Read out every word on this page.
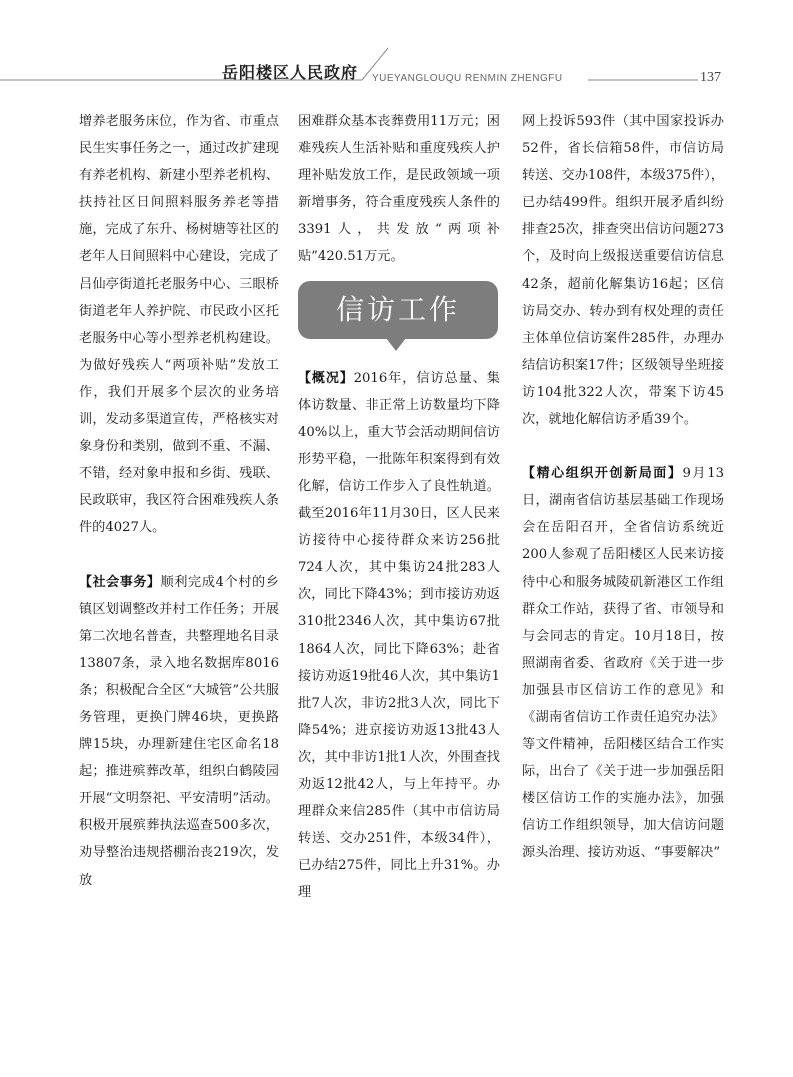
岳阳楼区人民政府 YUEYANGLOUQU RENMIN ZHENGFU	137

增养老服务床位，作为省、市重点民生实事任务之一，通过改扩建现有养老机构、新建小型养老机构、扶持社区日间照料服务养老等措施，完成了东升、杨树塘等社区的老年人日间照料中心建设，完成了吕仙亭街道托老服务中心、三眼桥街道老年人养护院、市民政小区托老服务中心等小型养老机构建设。为做好残疾人“两项补贴”发放工作，我们开展多个层次的业务培训，发动多渠道宣传，严格核实对象身份和类别，做到不重、不漏、不错，经对象申报和乡街、残联、民政联审，我区符合困难残疾人条件的4027人。

【社会事务】顺利完成4个村的乡镇区划调整改并村工作任务；开展第二次地名普查，共整理地名目录13807条，录入地名数据库8016条；积极配合全区“大城管”公共服务管理，更换门牌46块，更换路牌15块，办理新建住宅区命名18起；推进殡葬改革，组织白鹤陵园开展“文明祭祀、平安清明”活动。积极开展殡葬执法巡查500多次，劝导整治违规搭棚治丧219次，发放

困难群众基本丧葬费用11万元；困难残疾人生活补贴和重度残疾人护理补贴发放工作，是民政领域一项新增事务，符合重度残疾人条件的3391人，共发放“两项补贴”420.51万元。

信访工作

【概况】2016年，信访总量、集体访数量、非正常上访数量均下降40%以上，重大节会活动期间信访形势平稳，一批陈年积案得到有效化解，信访工作步入了良性轨道。截至2016年11月30日，区人民来访接待中心接待群众来访256批724人次，其中集访24批283人次，同比下降43%；到市接访劝返310批2346人次，其中集访67批1864人次，同比下降63%；赴省接访劝返19批46人次，其中集访1批7人次，非访2批3人次，同比下降54%；进京接访劝返13批43人次，其中非访1批1人次，外围查找劝返12批42人，与上年持平。办理群众来信285件（其中市信访局转送、交办251件，本级34件），已办结275件，同比上升31%。办理

网上投诉593件（其中国家投诉办52件，省长信箱58件，市信访局转送、交办108件，本级375件），已办结499件。组织开展矛盾纠纷排查25次，排查突出信访问题273个，及时向上级报送重要信访信息42条，超前化解集访16起；区信访局交办、转办到有权处理的责任主体单位信访案件285件，办理办结信访积案17件；区级领导坐班接访104批322人次，带案下访45次，就地化解信访矛盾39个。

【精心组织开创新局面】9月13日，湖南省信访基层基础工作现场会在岳阳召开，全省信访系统近200人参观了岳阳楼区人民来访接待中心和服务城陵矶新港区工作组群众工作站，获得了省、市领导和与会同志的肯定。10月18日，按照湖南省委、省政府《关于进一步加强县市区信访工作的意见》和《湖南省信访工作责任追究办法》等文件精神，岳阳楼区结合工作实际，出台了《关于进一步加强岳阳楼区信访工作的实施办法》，加强信访工作组织领导，加大信访问题源头治理、接访劝返、“事要解决”
